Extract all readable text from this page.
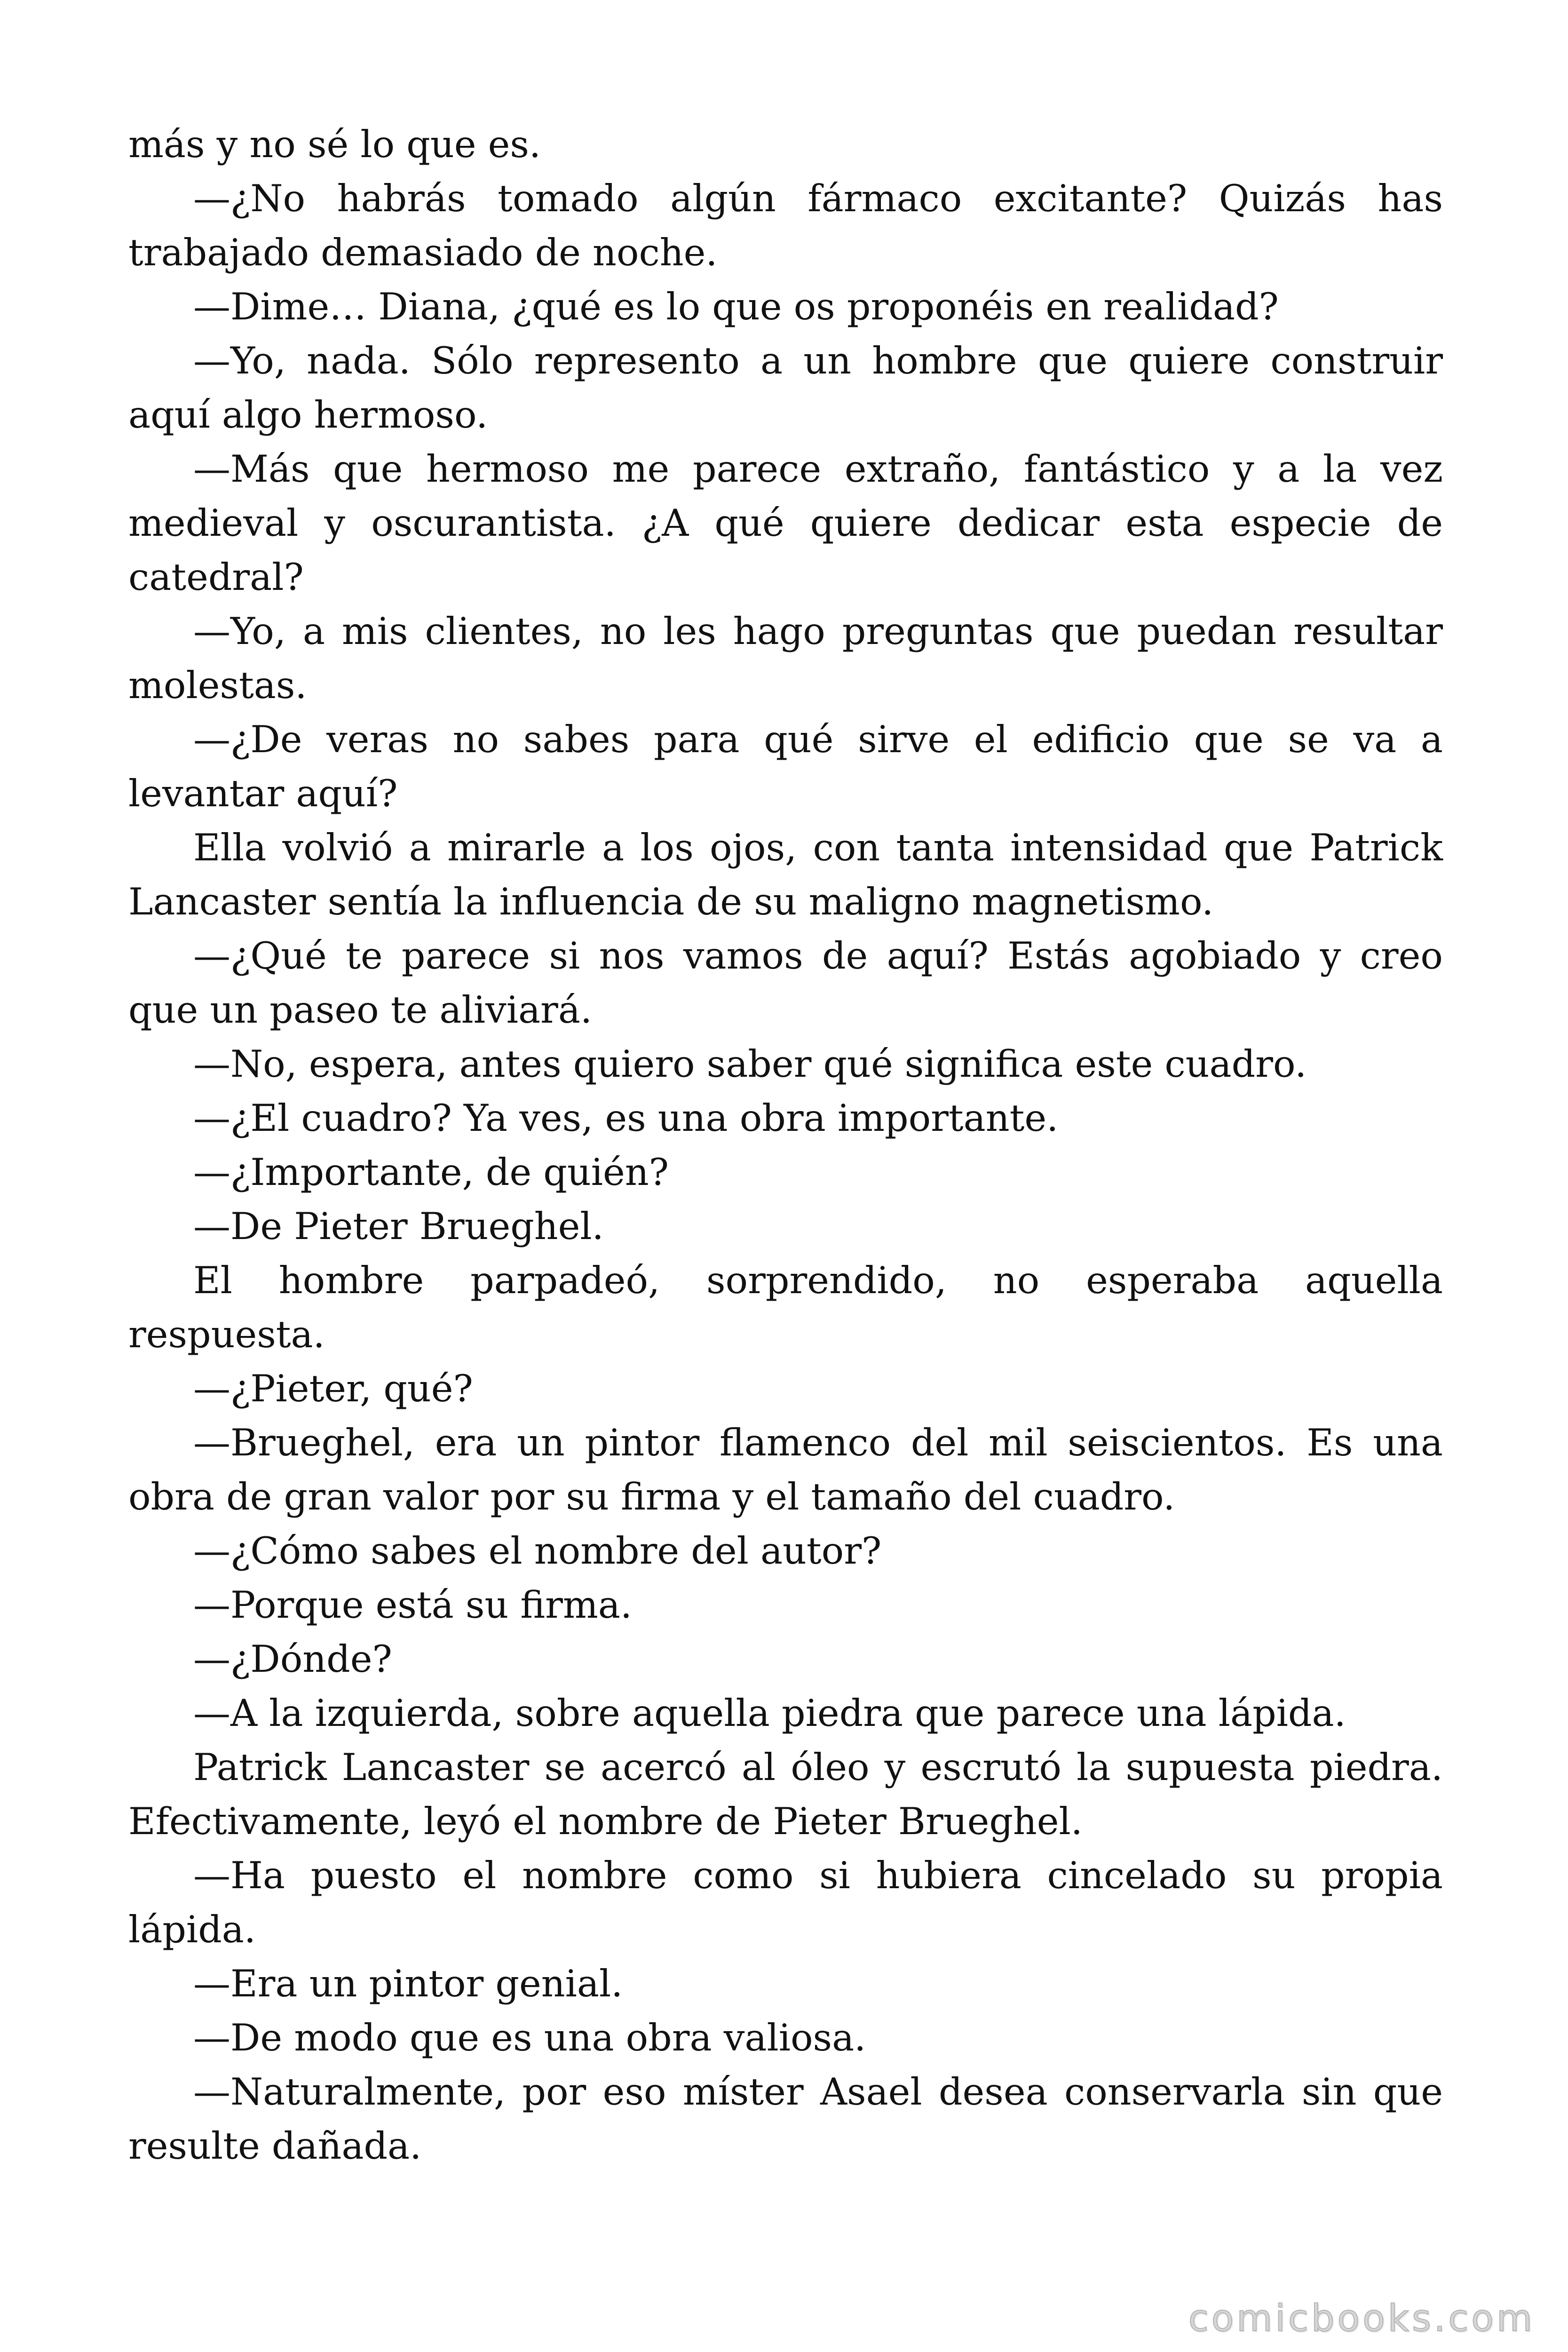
más y no sé lo que es.

—¿No habrás tomado algún fármaco excitante? Quizás has trabajado demasiado de noche.

—Dime… Diana, ¿qué es lo que os proponéis en realidad?

—Yo, nada. Sólo represento a un hombre que quiere construir aquí algo hermoso.

—Más que hermoso me parece extraño, fantástico y a la vez medieval y oscurantista. ¿A qué quiere dedicar esta especie de catedral?

—Yo, a mis clientes, no les hago preguntas que puedan resultar molestas.

—¿De veras no sabes para qué sirve el edificio que se va a levantar aquí?

Ella volvió a mirarle a los ojos, con tanta intensidad que Patrick Lancaster sentía la influencia de su maligno magnetismo.

—¿Qué te parece si nos vamos de aquí? Estás agobiado y creo que un paseo te aliviará.

—No, espera, antes quiero saber qué significa este cuadro.

—¿El cuadro? Ya ves, es una obra importante.

—¿Importante, de quién?

—De Pieter Brueghel.

El hombre parpadeó, sorprendido, no esperaba aquella respuesta.

—¿Pieter, qué?

—Brueghel, era un pintor flamenco del mil seiscientos. Es una obra de gran valor por su firma y el tamaño del cuadro.

—¿Cómo sabes el nombre del autor?

—Porque está su firma.

—¿Dónde?

—A la izquierda, sobre aquella piedra que parece una lápida.

Patrick Lancaster se acercó al óleo y escrutó la supuesta piedra. Efectivamente, leyó el nombre de Pieter Brueghel.

—Ha puesto el nombre como si hubiera cincelado su propia lápida.

—Era un pintor genial.

—De modo que es una obra valiosa.

—Naturalmente, por eso míster Asael desea conservarla sin que resulte dañada.

comicbooks.com
